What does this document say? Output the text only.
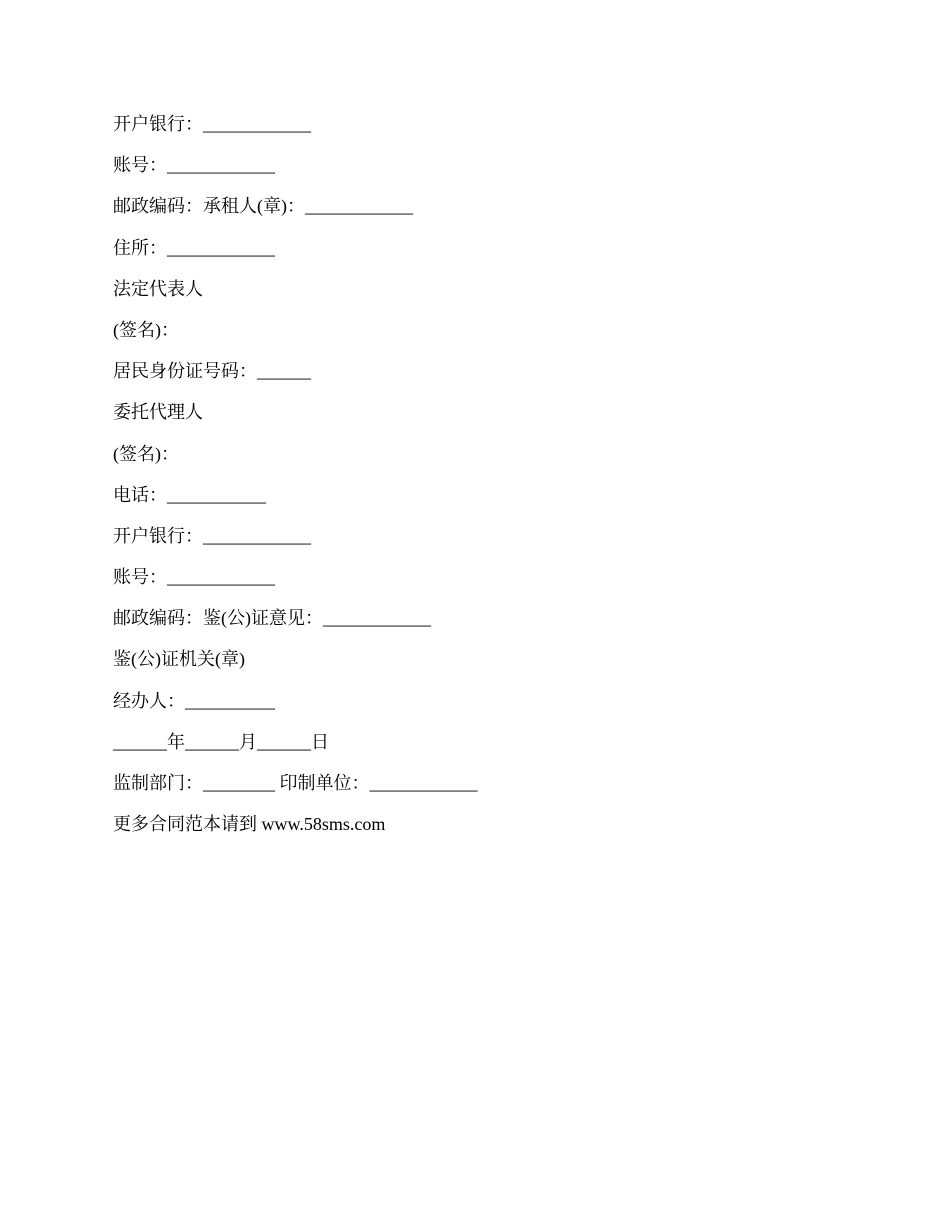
开户银行：____________
账号：____________
邮政编码：承租人(章)：____________
住所：____________
法定代表人
(签名)：
居民身份证号码：______
委托代理人
(签名)：
电话：___________
开户银行：____________
账号：____________
邮政编码：鉴(公)证意见：____________
鉴(公)证机关(章)
经办人：__________
______年______月______日
监制部门：________ 印制单位：____________
更多合同范本请到 www.58sms.com
